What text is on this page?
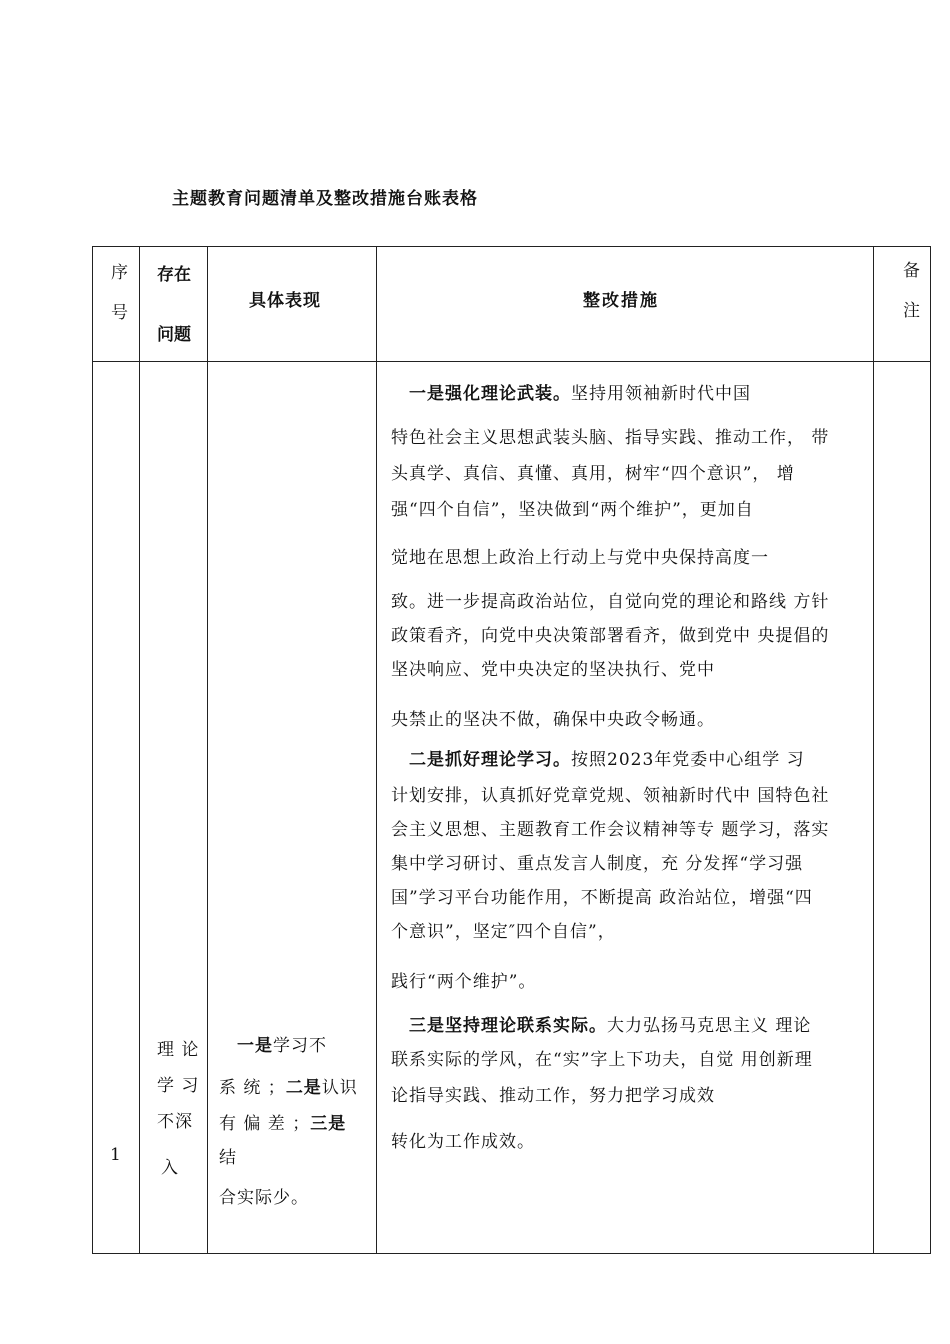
主题教育问题清单及整改措施台账表格
序
号
存在
问题
具体表现	整改措施
备
注
1
理 论
学 习
不深
入
一是学习不
系 统 ；二是认识
有 偏 差 ；三是
结
合实际少。
一是强化理论武装。坚持用领袖新时代中国
特色社会主义思想武装头脑、指导实践、推动工作， 带
头真学、真信、真懂、真用，树牢“四个意识”， 增
强“四个自信”，坚决做到“两个维护”，更加自
觉地在思想上政治上行动上与党中央保持高度一
致。进一步提高政治站位，自觉向党的理论和路线 方针
政策看齐，向党中央决策部署看齐，做到党中 央提倡的
坚决响应、党中央决定的坚决执行、党中
央禁止的坚决不做，确保中央政令畅通。
二是抓好理论学习。按照2023年党委中心组学 习
计划安排，认真抓好党章党规、领袖新时代中 国特色社
会主义思想、主题教育工作会议精神等专 题学习，落实
集中学习研讨、重点发言人制度，充 分发挥“学习强
国”学习平台功能作用，不断提高 政治站位，增强“四
个意识”，坚定″四个自信”，
践行“两个维护”。
三是坚持理论联系实际。大力弘扬马克思主义 理论
联系实际的学风，在“实”字上下功夫，自觉 用创新理
论指导实践、推动工作，努力把学习成效
转化为工作成效。
